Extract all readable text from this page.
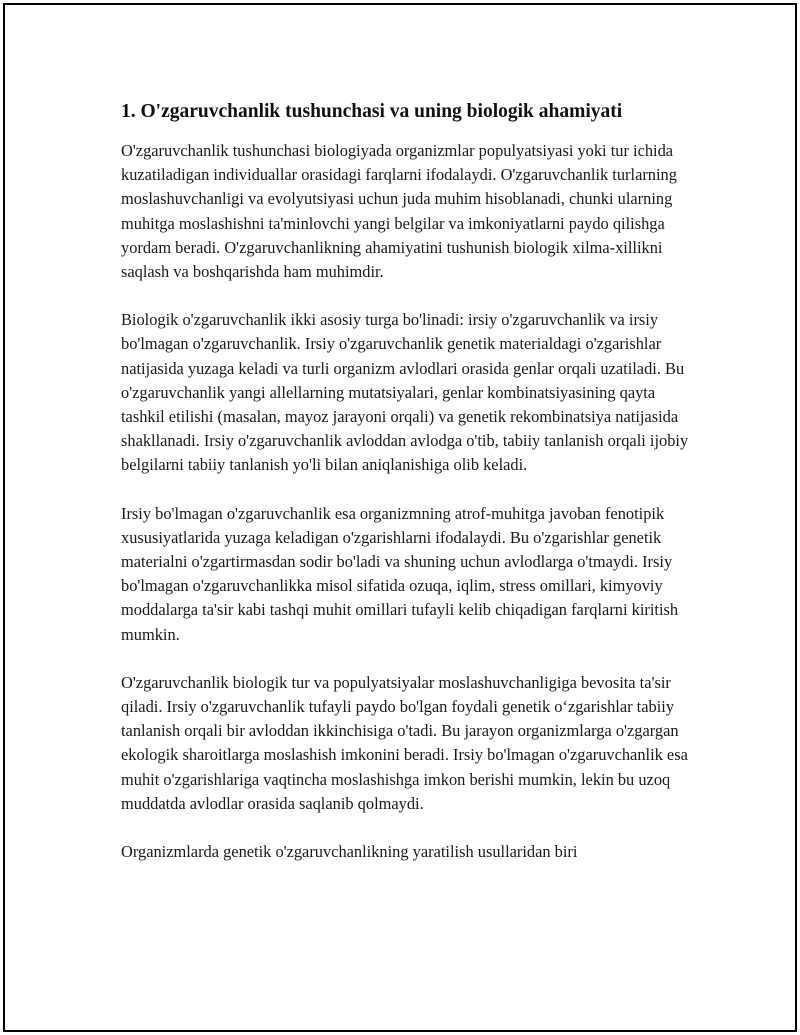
1. O'zgaruvchanlik tushunchasi va uning biologik ahamiyati

O'zgaruvchanlik tushunchasi biologiyada organizmlar populyatsiyasi yoki tur ichida kuzatiladigan individuallar orasidagi farqlarni ifodalaydi. O'zgaruvchanlik turlarning moslashuvchanligi va evolyutsiyasi uchun juda muhim hisoblanadi, chunki ularning muhitga moslashishni ta'minlovchi yangi belgilar va imkoniyatlarni paydo qilishga yordam beradi. O'zgaruvchanlikning ahamiyatini tushunish biologik xilma-xillikni saqlash va boshqarishda ham muhimdir.

Biologik o'zgaruvchanlik ikki asosiy turga bo'linadi: irsiy o'zgaruvchanlik va irsiy bo'lmagan o'zgaruvchanlik. Irsiy o'zgaruvchanlik genetik materialdagi o'zgarishlar natijasida yuzaga keladi va turli organizm avlodlari orasida genlar orqali uzatiladi. Bu o'zgaruvchanlik yangi allellarning mutatsiyalari, genlar kombinatsiyasining qayta tashkil etilishi (masalan, mayoz jarayoni orqali) va genetik rekombinatsiya natijasida shakllanadi. Irsiy o'zgaruvchanlik avloddan avlodga o'tib, tabiiy tanlanish orqali ijobiy belgilarni tabiiy tanlanish yo'li bilan aniqlanishiga olib keladi.

Irsiy bo'lmagan o'zgaruvchanlik esa organizmning atrof-muhitga javoban fenotipik xususiyatlarida yuzaga keladigan o'zgarishlarni ifodalaydi. Bu o'zgarishlar genetik materialni o'zgartirmasdan sodir bo'ladi va shuning uchun avlodlarga o'tmaydi. Irsiy bo'lmagan o'zgaruvchanlikka misol sifatida ozuqa, iqlim, stress omillari, kimyoviy moddalarga ta'sir kabi tashqi muhit omillari tufayli kelib chiqadigan farqlarni kiritish mumkin.

O'zgaruvchanlik biologik tur va populyatsiyalar moslashuvchanligiga bevosita ta'sir qiladi. Irsiy o'zgaruvchanlik tufayli paydo bo'lgan foydali genetik o‘zgarishlar tabiiy tanlanish orqali bir avloddan ikkinchisiga o'tadi. Bu jarayon organizmlarga o'zgargan ekologik sharoitlarga moslashish imkonini beradi. Irsiy bo'lmagan o'zgaruvchanlik esa muhit o'zgarishlariga vaqtincha moslashishga imkon berishi mumkin, lekin bu uzoq muddatda avlodlar orasida saqlanib qolmaydi.

Organizmlarda genetik o'zgaruvchanlikning yaratilish usullaridan biri
